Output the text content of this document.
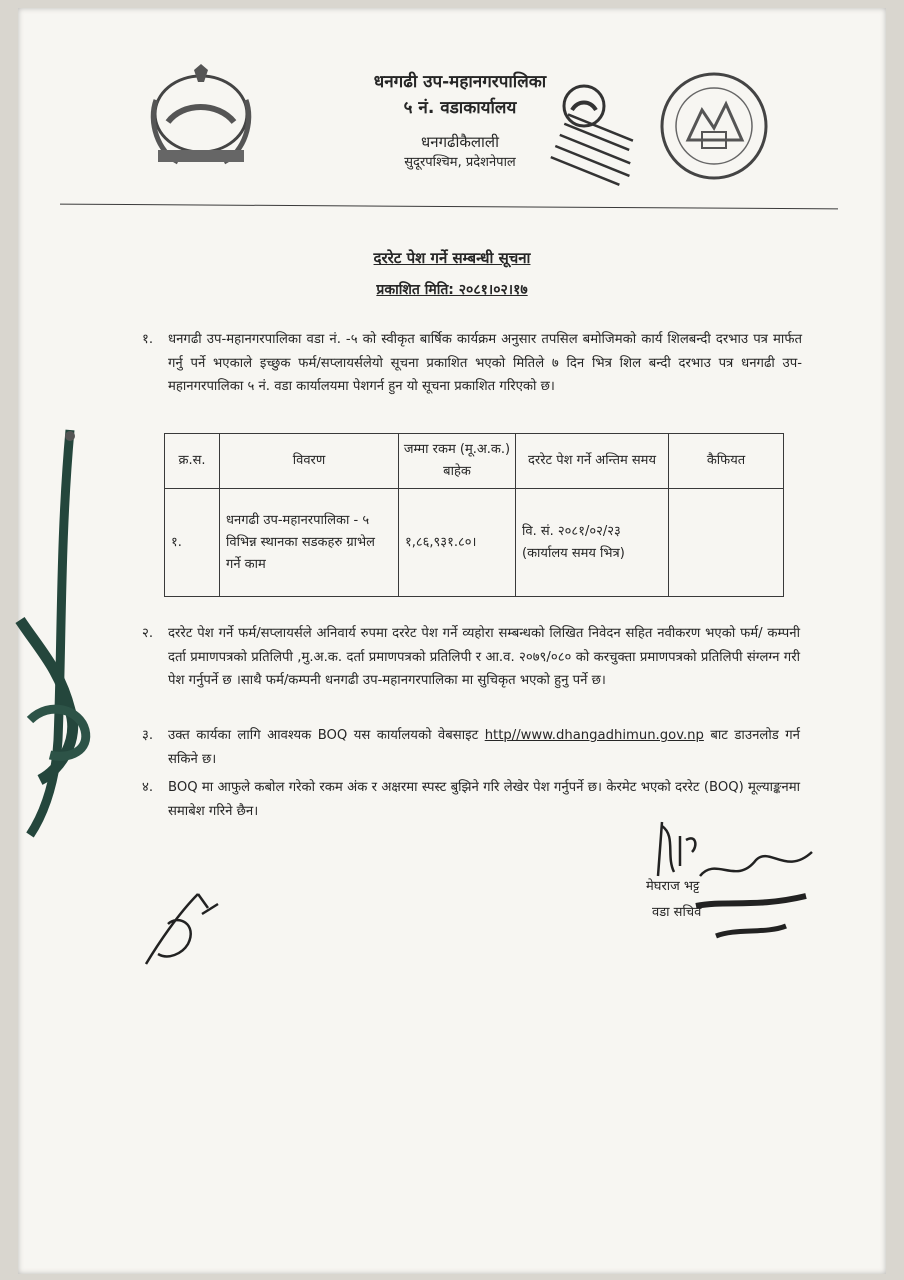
धनगढी उप-महानगरपालिका
५ नं. वडाकार्यालय
धनगढीकैलाली
सुदूरपश्चिम, प्रदेशनेपाल
दररेट पेश गर्ने सम्बन्धी सूचना
प्रकाशित मिति: २०८१।०२।१७
१. धनगढी उप-महानगरपालिका वडा नं. -५ को स्वीकृत बार्षिक कार्यक्रम अनुसार तपसिल बमोजिमको कार्य शिलबन्दी दरभाउ पत्र मार्फत गर्नु पर्ने भएकाले इच्छुक फर्म/सप्लायर्सलेयो सूचना प्रकाशित भएको मितिले ७ दिन भित्र शिल बन्दी दरभाउ पत्र धनगढी उप-महानगरपालिका ५ नं. वडा कार्यालयमा पेशगर्न हुन यो सूचना प्रकाशित गरिएको छ।
क्र.स.	विवरण	जम्मा रकम (मू.अ.क.) बाहेक	दररेट पेश गर्ने अन्तिम समय	कैफियत
१.	धनगढी उप-महानरपालिका - ५ विभिन्न स्थानका सडकहरु ग्राभेल गर्ने काम	१,८६,९३१.८०।	वि. सं. २०८१/०२/२३ (कार्यालय समय भित्र)	
२. दररेट पेश गर्ने फर्म/सप्लायर्सले अनिवार्य रुपमा दररेट पेश गर्ने व्यहोरा सम्बन्धको लिखित निवेदन सहित नवीकरण भएको फर्म/ कम्पनी दर्ता प्रमाणपत्रको प्रतिलिपी ,मु.अ.क. दर्ता प्रमाणपत्रको प्रतिलिपी र आ.व. २०७९/०८० को करचुक्ता प्रमाणपत्रको प्रतिलिपी संग्लग्न गरी पेश गर्नुपर्ने छ ।साथै फर्म/कम्पनी धनगढी उप-महानगरपालिका मा सुचिकृत भएको हुनु पर्ने छ।
३. उक्त कार्यका लागि आवश्यक BOQ यस कार्यालयको वेबसाइट http//www.dhangadhimun.gov.np बाट डाउनलोड गर्न सकिने छ।
४. BOQ मा आफुले कबोल गरेको रकम अंक र अक्षरमा स्पस्ट बुझिने गरि लेखेर पेश गर्नुपर्ने छ। केरमेट भएको दररेट (BOQ) मूल्याङ्कनमा समाबेश गरिने छैन।
मेघराज भट्ट
वडा सचिव
